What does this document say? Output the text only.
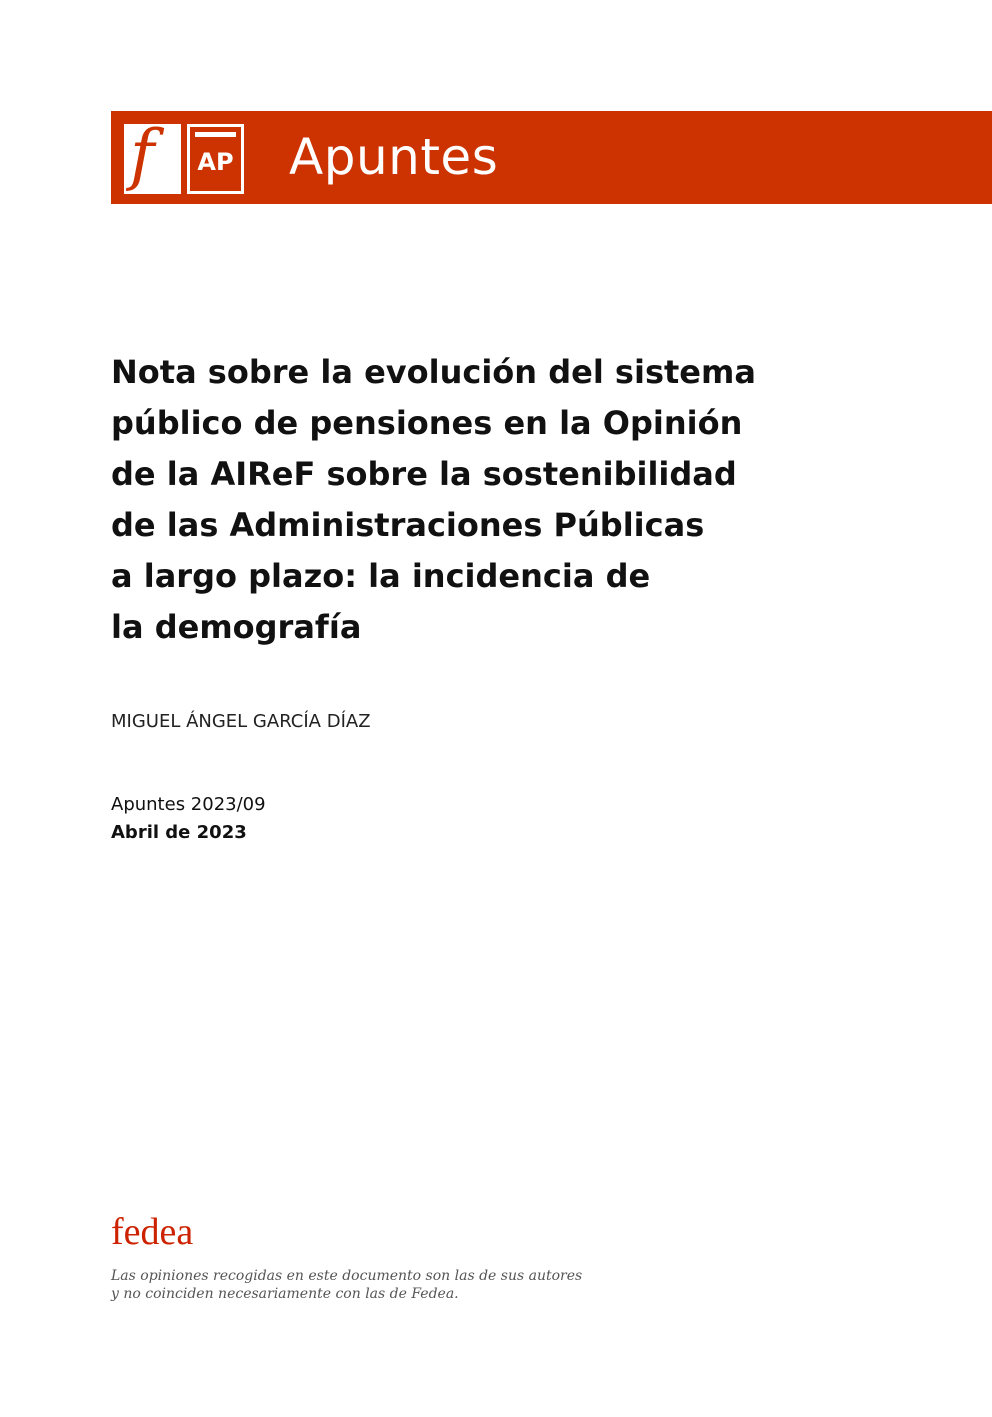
f	AP Apuntes
Nota sobre la evolución del sistema
público de pensiones en la Opinión
de la AIReF sobre la sostenibilidad
de las Administraciones Públicas
a largo plazo: la incidencia de
la demografía
MIGUEL ÁNGEL GARCÍA DÍAZ
Apuntes 2023/09
Abril de 2023
fedea
Las opiniones recogidas en este documento son las de sus autores
y no coinciden necesariamente con las de Fedea.
